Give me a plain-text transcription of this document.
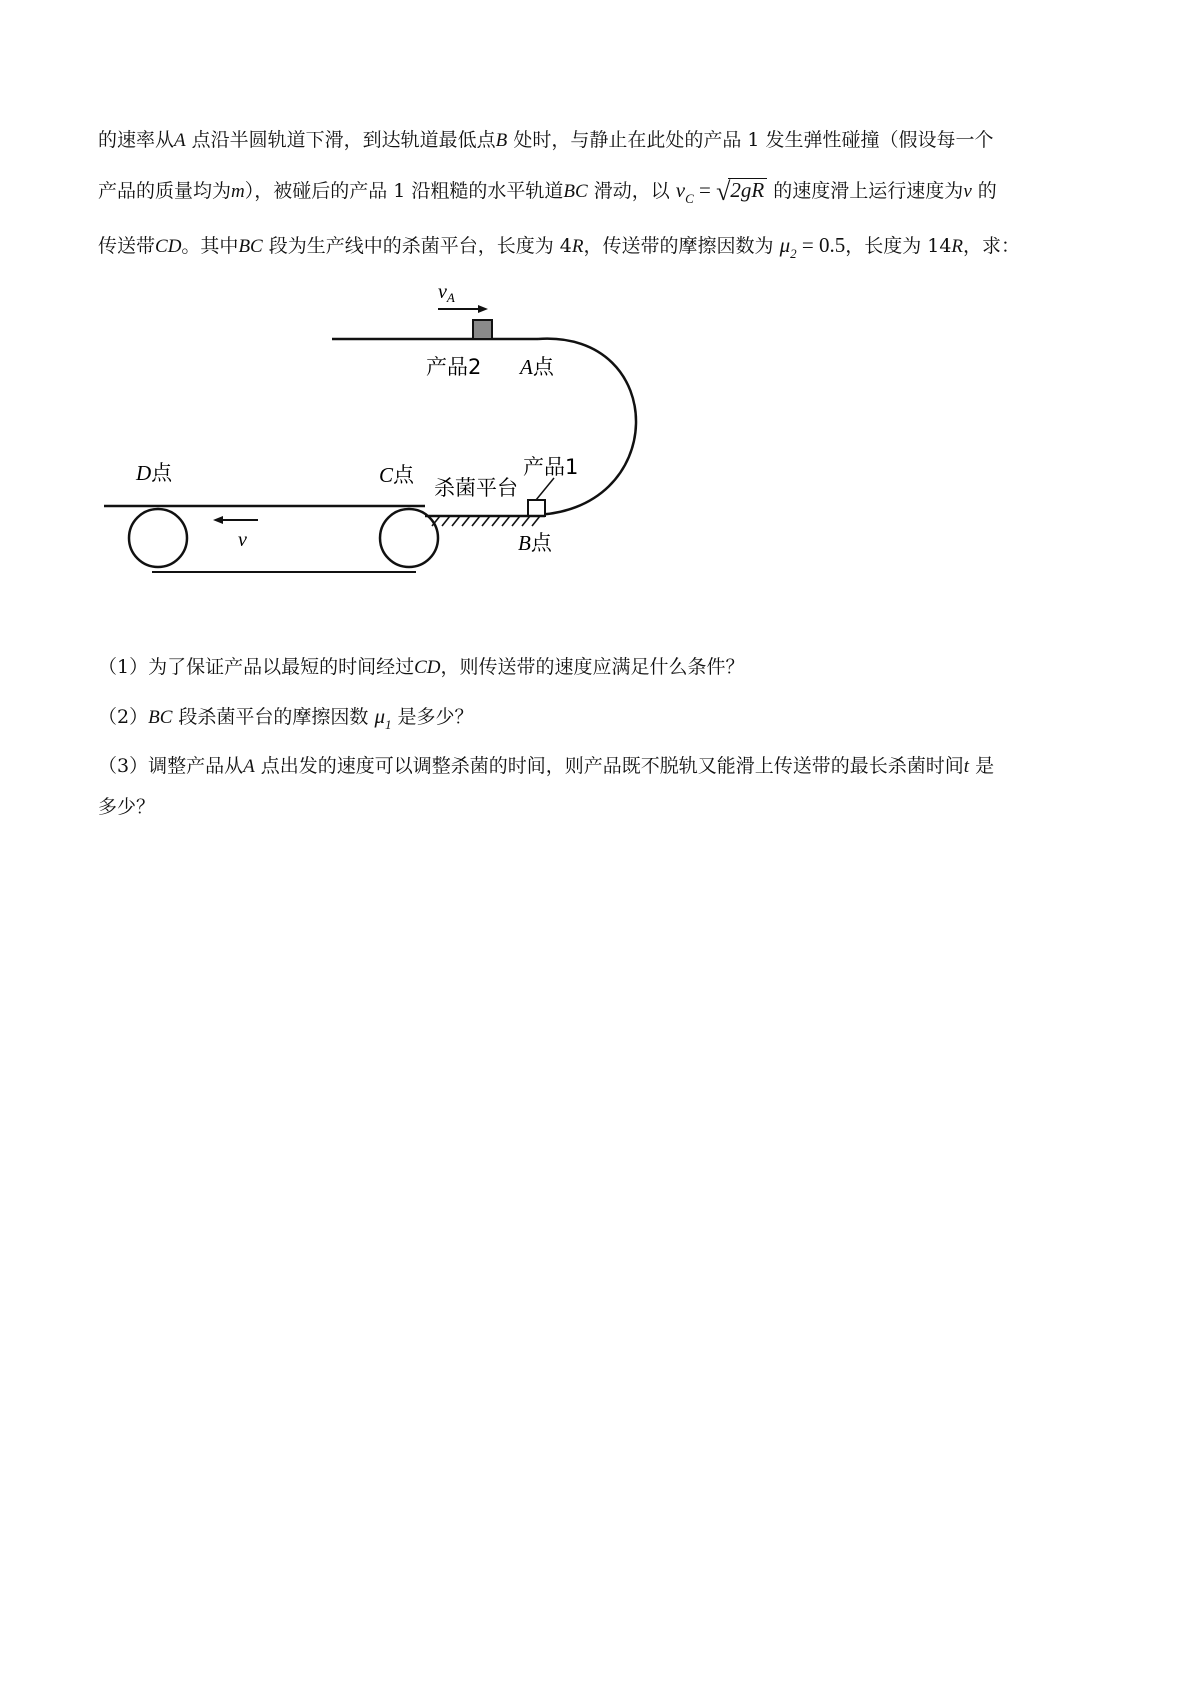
的速率从A 点沿半圆轨道下滑，到达轨道最低点B 处时，与静止在此处的产品 1 发生弹性碰撞（假设每一个
产品的质量均为m），被碰后的产品 1 沿粗糙的水平轨道BC 滑动，以 $v_C = √2gR$ 的速度滑上运行速度为v 的
传送带CD。其中BC 段为生产线中的杀菌平台，长度为 4R，传送带的摩擦因数为 $\mu_2 = 0.5$，长度为 14R，求：
$v_A$
产品2 A点
产品1
杀菌平台
B点
v
D点	C点
（1）为了保证产品以最短的时间经过CD，则传送带的速度应满足什么条件？
（2）BC 段杀菌平台的摩擦因数 $\mu_1$ 是多少？
（3）调整产品从A 点出发的速度可以调整杀菌的时间，则产品既不脱轨又能滑上传送带的最长杀菌时间t 是
多少？
